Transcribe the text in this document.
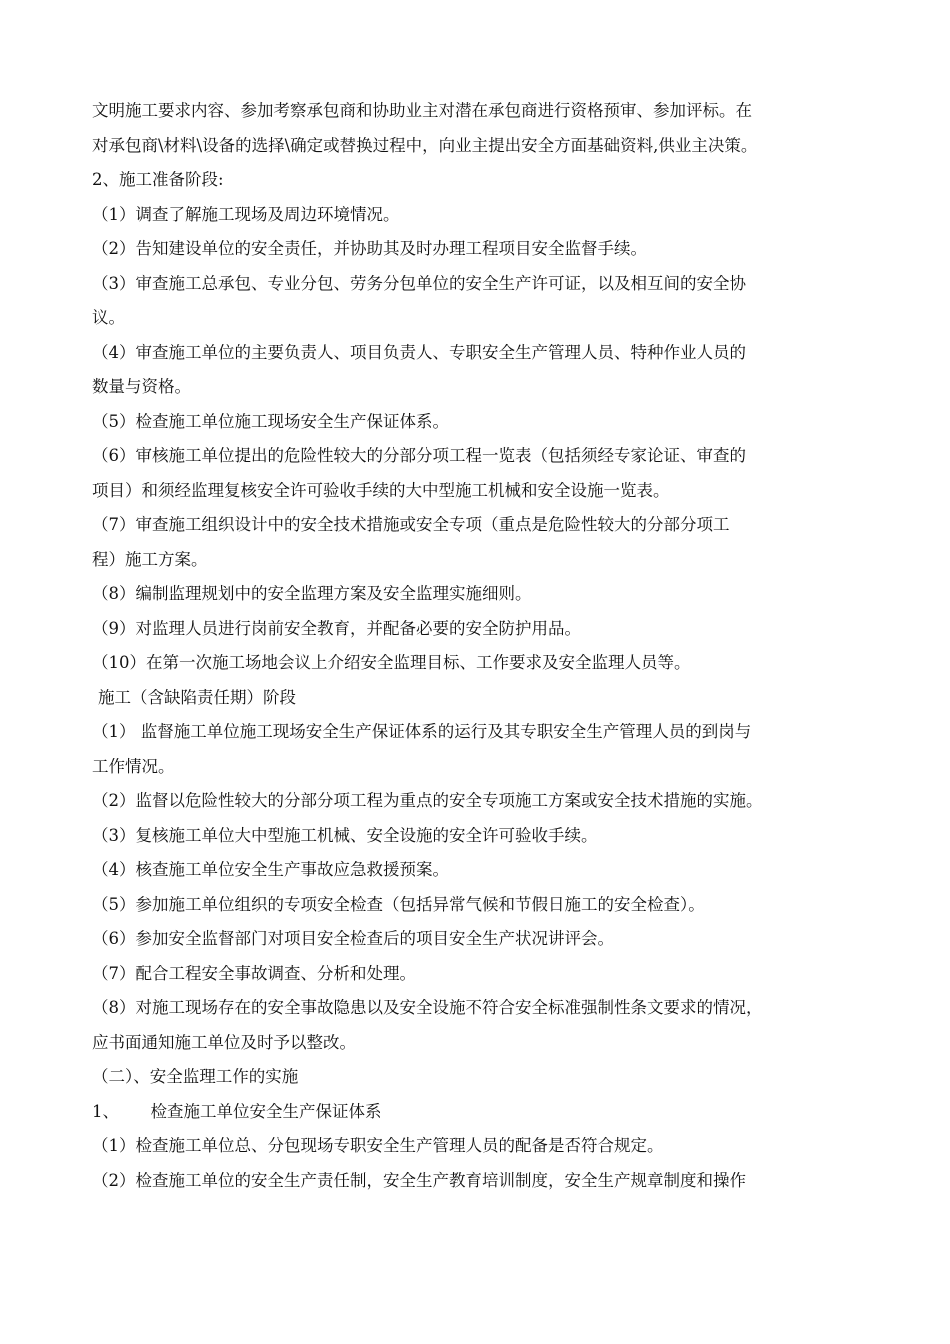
文明施工要求内容、参加考察承包商和协助业主对潜在承包商进行资格预审、参加评标。在
对承包商\材料\设备的选择\确定或替换过程中，向业主提出安全方面基础资料,供业主决策。
2、施工准备阶段:
（1）调查了解施工现场及周边环境情况。
（2）告知建设单位的安全责任，并协助其及时办理工程项目安全监督手续。
（3）审查施工总承包、专业分包、劳务分包单位的安全生产许可证，以及相互间的安全协
议。
（4）审查施工单位的主要负责人、项目负责人、专职安全生产管理人员、特种作业人员的
数量与资格。
（5）检查施工单位施工现场安全生产保证体系。
（6）审核施工单位提出的危险性较大的分部分项工程一览表（包括须经专家论证、审查的
项目）和须经监理复核安全许可验收手续的大中型施工机械和安全设施一览表。
（7）审查施工组织设计中的安全技术措施或安全专项（重点是危险性较大的分部分项工
程）施工方案。
（8）编制监理规划中的安全监理方案及安全监理实施细则。
（9）对监理人员进行岗前安全教育，并配备必要的安全防护用品。
（10）在第一次施工场地会议上介绍安全监理目标、工作要求及安全监理人员等。
施工（含缺陷责任期）阶段
（1） 监督施工单位施工现场安全生产保证体系的运行及其专职安全生产管理人员的到岗与
工作情况。
（2）监督以危险性较大的分部分项工程为重点的安全专项施工方案或安全技术措施的实施。
（3）复核施工单位大中型施工机械、安全设施的安全许可验收手续。
（4）核查施工单位安全生产事故应急救援预案。
（5）参加施工单位组织的专项安全检查（包括异常气候和节假日施工的安全检查）。
（6）参加安全监督部门对项目安全检查后的项目安全生产状况讲评会。
（7）配合工程安全事故调查、分析和处理。
（8）对施工现场存在的安全事故隐患以及安全设施不符合安全标准强制性条文要求的情况，
应书面通知施工单位及时予以整改。
（二）、安全监理工作的实施
1、      检查施工单位安全生产保证体系
（1）检查施工单位总、分包现场专职安全生产管理人员的配备是否符合规定。
（2）检查施工单位的安全生产责任制，安全生产教育培训制度，安全生产规章制度和操作
